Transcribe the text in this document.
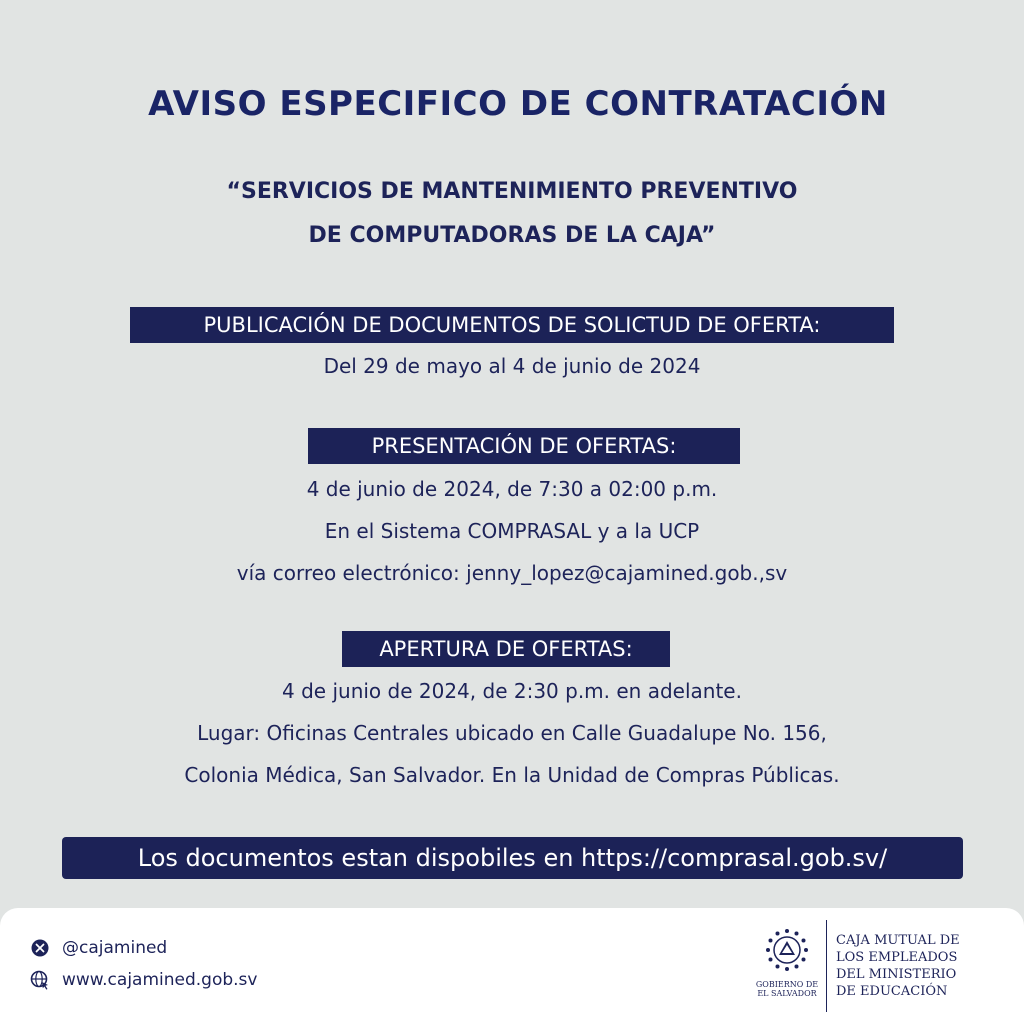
AVISO ESPECIFICO DE CONTRATACIÓN
“SERVICIOS DE MANTENIMIENTO PREVENTIVO
DE COMPUTADORAS DE LA CAJA”
PUBLICACIÓN DE DOCUMENTOS DE SOLICTUD DE OFERTA:
Del 29 de mayo al 4 de junio de 2024
PRESENTACIÓN DE OFERTAS:
4 de junio de 2024, de 7:30 a 02:00 p.m.
En el Sistema COMPRASAL y a la UCP
vía correo electrónico: jenny_lopez@cajamined.gob.,sv
APERTURA DE OFERTAS:
4 de junio de 2024, de 2:30 p.m. en adelante.
Lugar: Oficinas Centrales ubicado en Calle Guadalupe No. 156,
Colonia Médica, San Salvador. En la Unidad de Compras Públicas.
Los documentos estan dispobiles en https://comprasal.gob.sv/
@cajamined
www.cajamined.gob.sv	GOBIERNO DE
EL SALVADOR
CAJA MUTUAL DE
LOS EMPLEADOS
DEL MINISTERIO
DE EDUCACIÓN
